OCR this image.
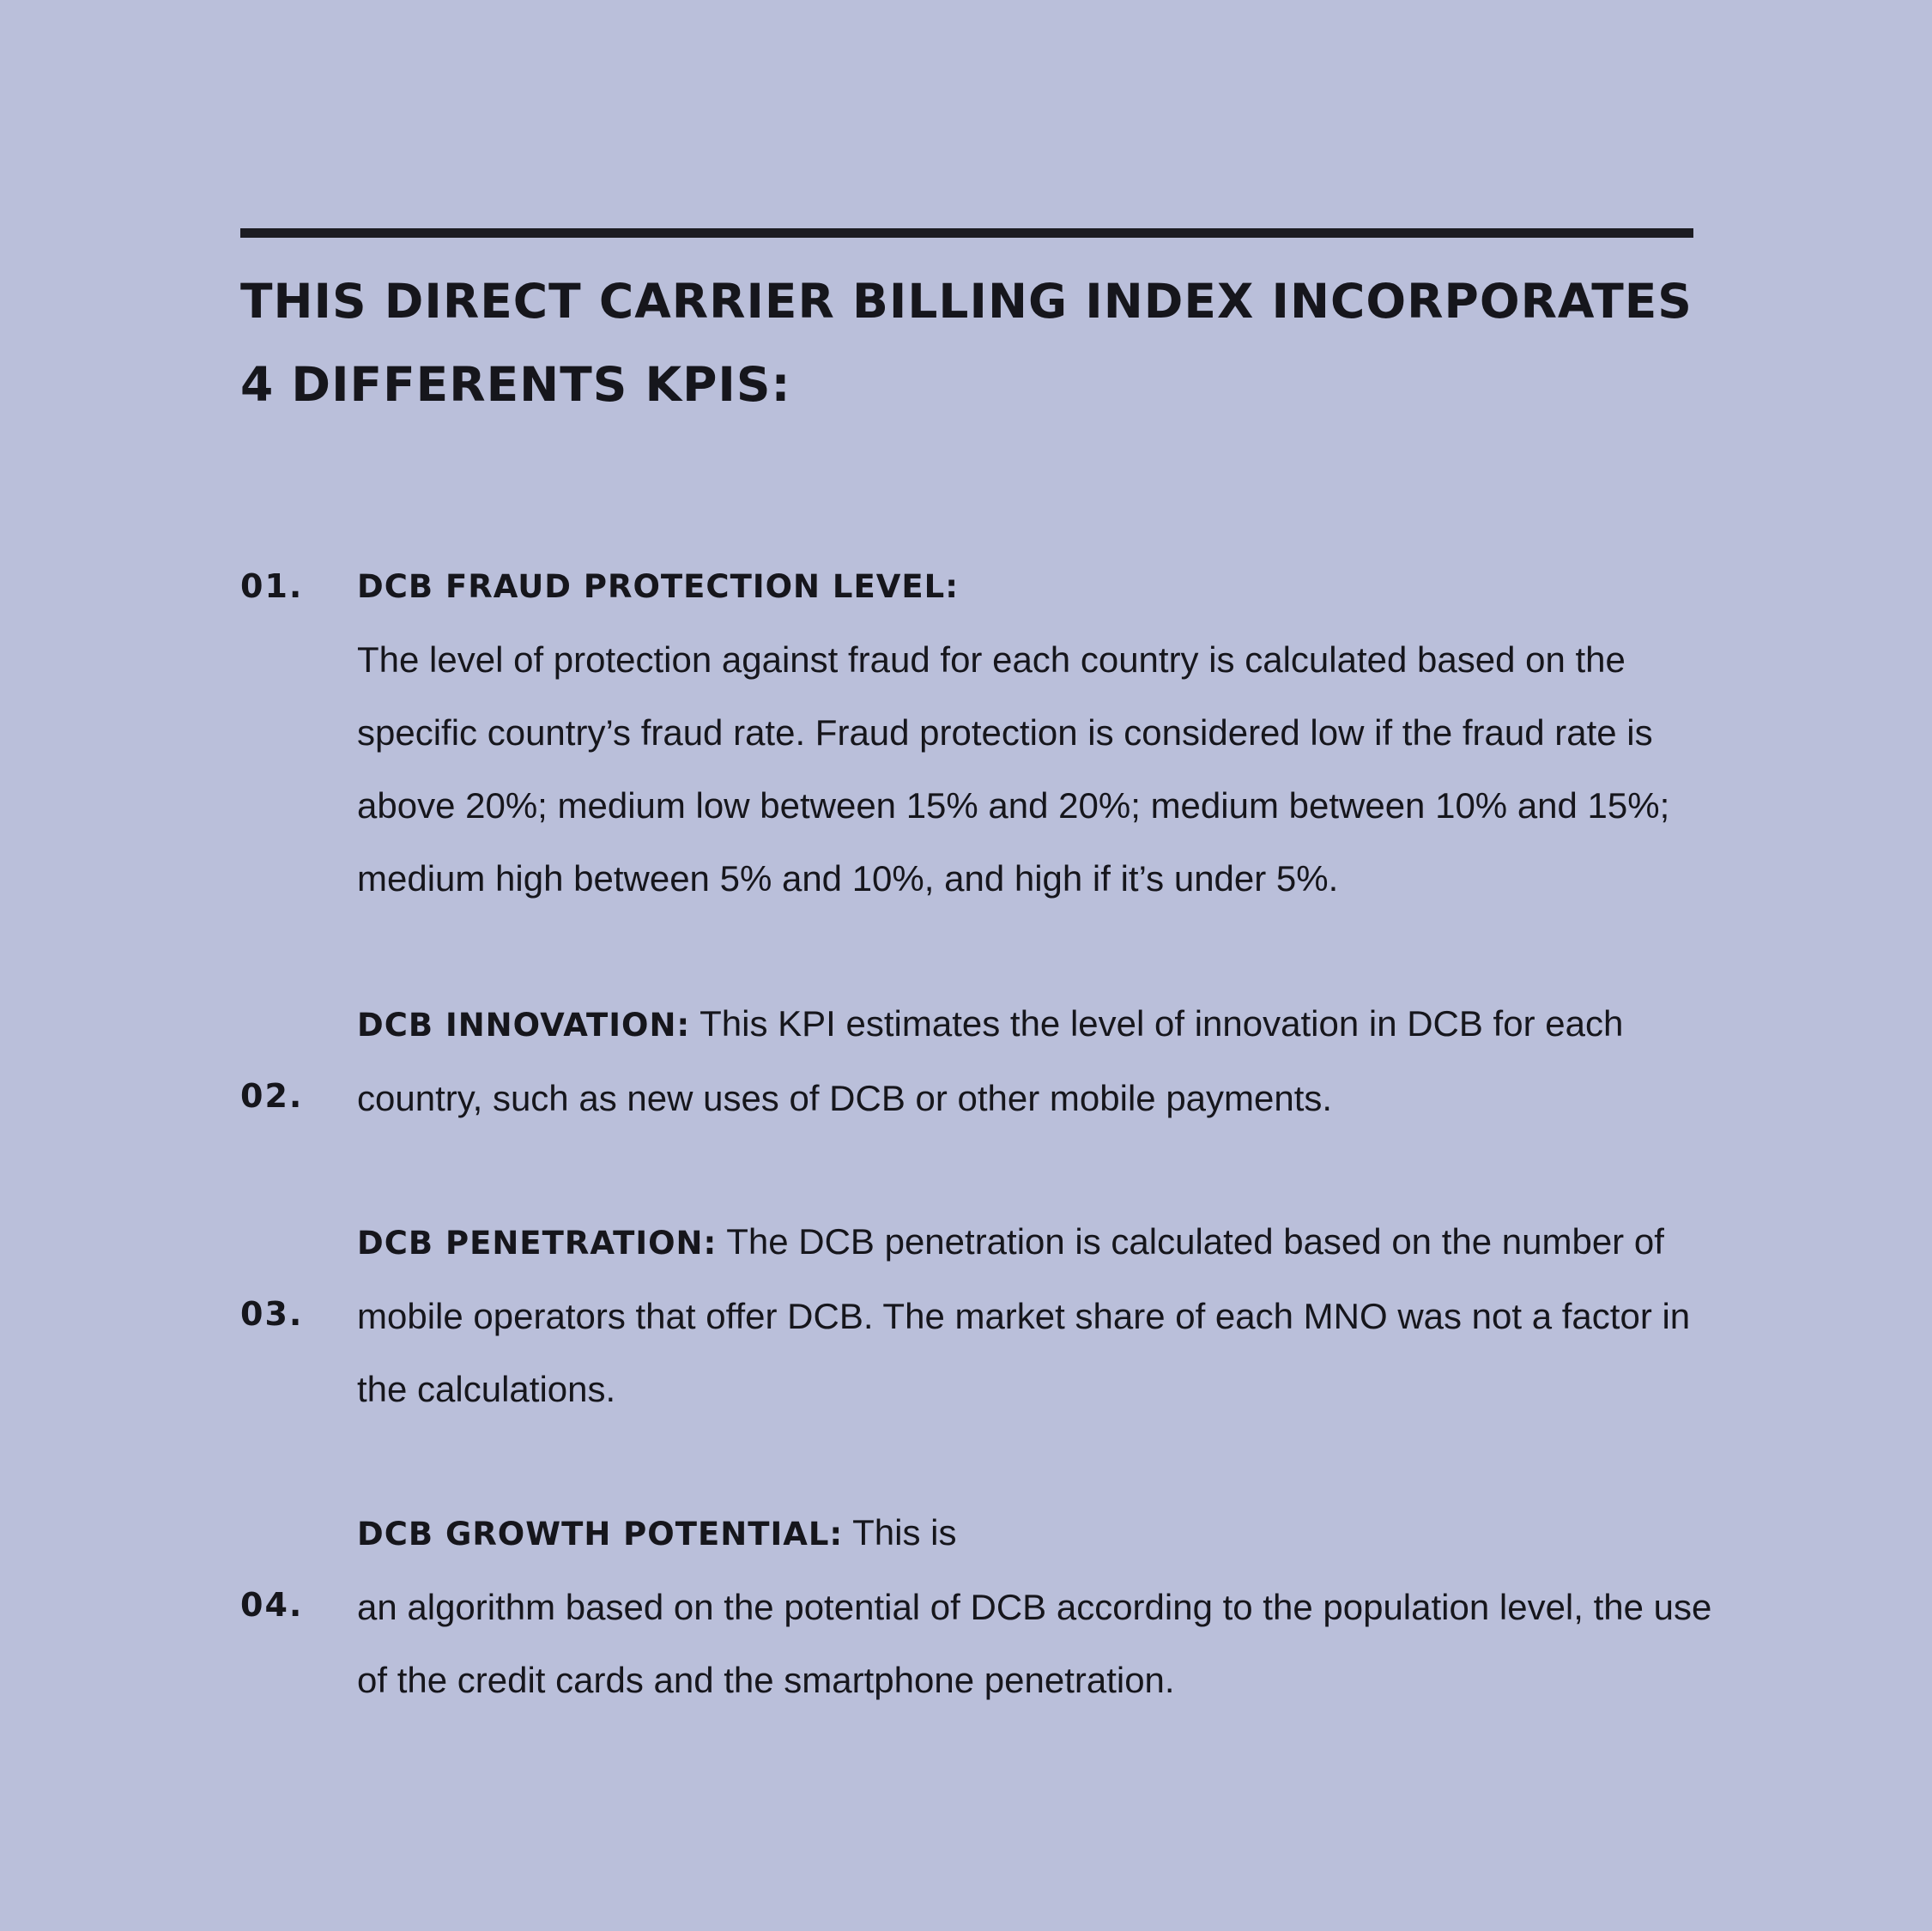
THIS DIRECT CARRIER BILLING INDEX INCORPORATES
4 DIFFERENTS KPIS:
01. DCB FRAUD PROTECTION LEVEL:
The level of protection against fraud for each country is calculated based on the specific country’s fraud rate. Fraud protection is considered low if the fraud rate is above 20%; medium low between 15% and 20%; medium between 10% and 15%; medium high between 5% and 10%, and high if it’s under 5%.
02.
DCB INNOVATION: This KPI estimates the level of innovation in DCB for each country, such as new uses of DCB or other mobile payments.
03.
DCB PENETRATION: The DCB penetration is calculated based on the number of mobile operators that offer DCB. The market share of each MNO was not a factor in the calculations.
04.
DCB GROWTH POTENTIAL: This is
an algorithm based on the potential of DCB according to the population level, the use of the credit cards and the smartphone penetration.
